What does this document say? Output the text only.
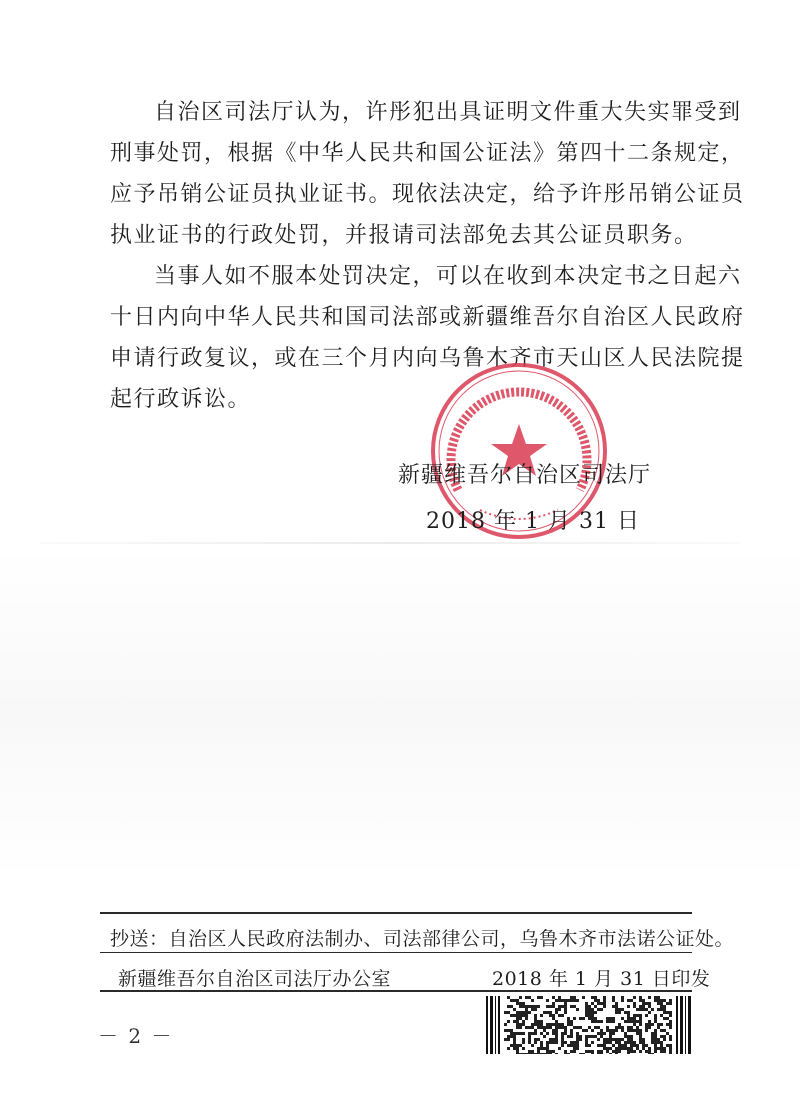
自治区司法厅认为，许彤犯出具证明文件重大失实罪受到
刑事处罚，根据《中华人民共和国公证法》第四十二条规定，
应予吊销公证员执业证书。现依法决定，给予许彤吊销公证员
执业证书的行政处罚，并报请司法部免去其公证员职务。

当事人如不服本处罚决定，可以在收到本决定书之日起六
十日内向中华人民共和国司法部或新疆维吾尔自治区人民政府
申请行政复议，或在三个月内向乌鲁木齐市天山区人民法院提
起行政诉讼。

新疆维吾尔自治区司法厅
2018 年 1 月 31 日
抄送：自治区人民政府法制办、司法部律公司，乌鲁木齐市法诺公证处。
新疆维吾尔自治区司法厅办公室	2018 年 1 月 31 日印发
－ 2 －
